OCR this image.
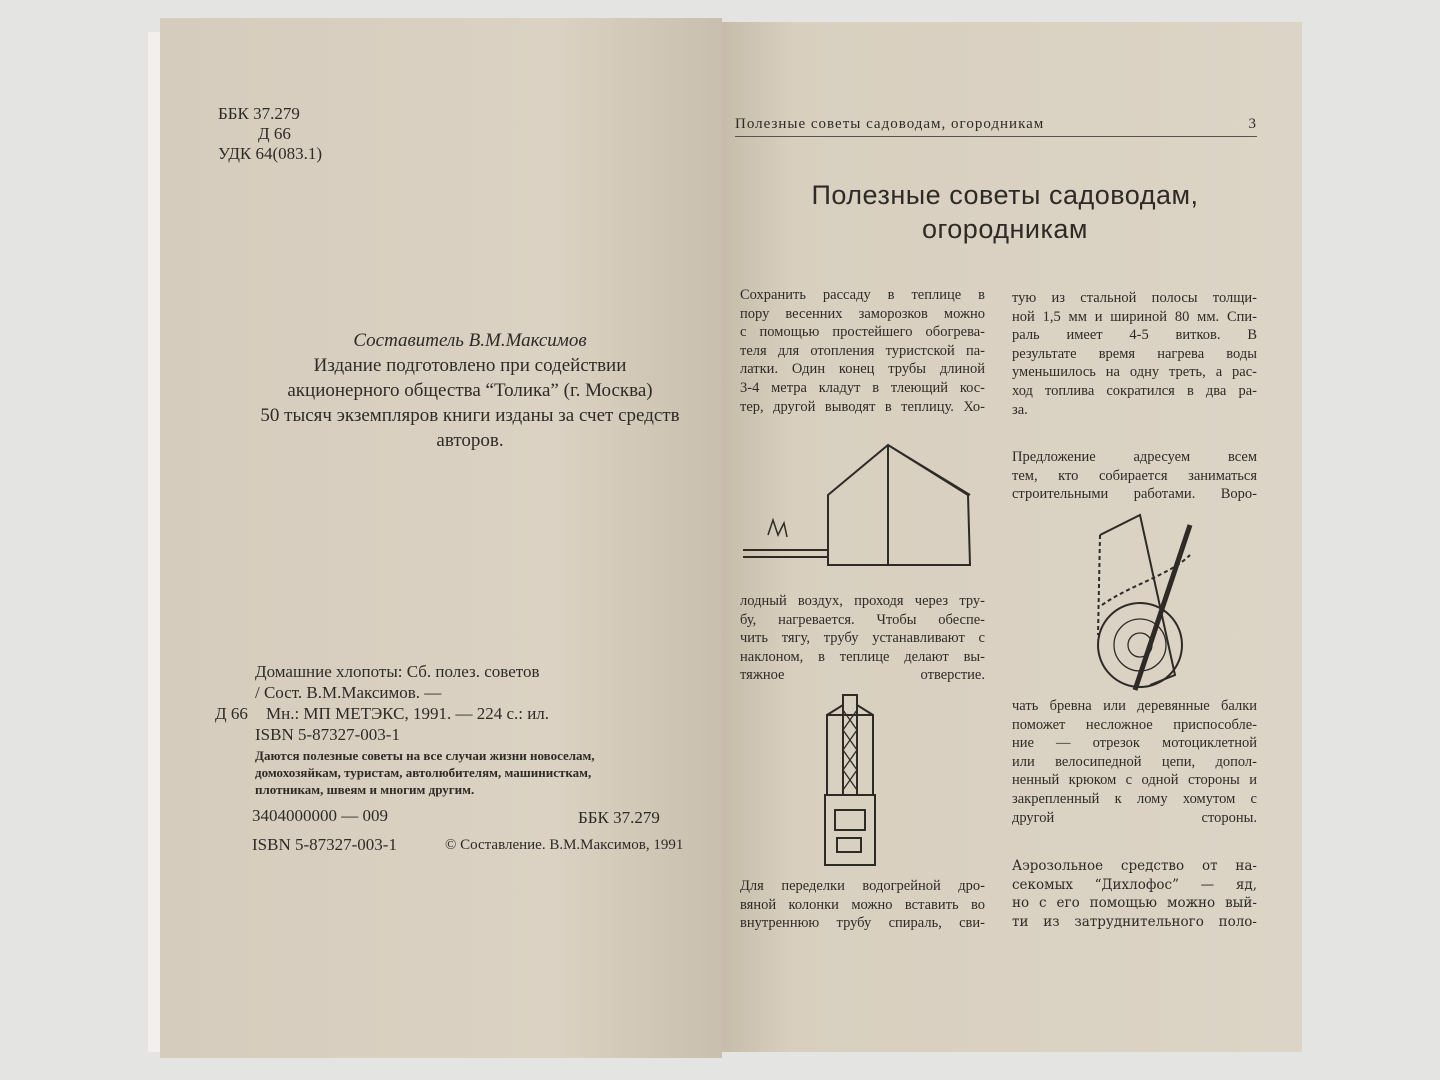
ББК 37.279
Д 66
УДК 64(083.1)
Составитель В.М.Максимов
Издание подготовлено при содействии
акционерного общества “Толика” (г. Москва)
50 тысяч экземпляров книги изданы за счет средств
авторов.
Домашние хлопоты: Сб. полез. советов
/ Сост. В.М.Максимов. —
Д 66 Мн.: МП МЕТЭКС, 1991. — 224 с.: ил.
ISBN 5-87327-003-1
Даются полезные советы на все случаи жизни новоселам,
домохозяйкам, туристам, автолюбителям, машинисткам,
плотникам, швеям и многим другим.
3404000000 — 009	ББК 37.279
ISBN 5-87327-003-1	© Составление. В.М.Максимов, 1991
Полезные советы садоводам, огородникам	3
Полезные советы садоводам,
огородникам
Сохранить рассаду в теплице в
пору весенних заморозков можно
с помощью простейшего обогрева-
теля для отопления туристской па-
латки. Один конец трубы длиной
3-4 метра кладут в тлеющий кос-
тер, другой выводят в теплицу. Хо-
лодный воздух, проходя через тру-
бу, нагревается. Чтобы обеспе-
чить тягу, трубу устанавливают с
наклоном, в теплице делают вы-
тяжное отверстие.
Для переделки водогрейной дро-
вяной колонки можно вставить во
внутреннюю трубу спираль, сви-
тую из стальной полосы толщи-
ной 1,5 мм и шириной 80 мм. Спи-
раль имеет 4-5 витков. В
результате время нагрева воды
уменьшилось на одну треть, а рас-
ход топлива сократился в два ра-
за.
Предложение адресуем всем
тем, кто собирается заниматься
строительными работами. Воро-
чать бревна или деревянные балки
поможет несложное приспособле-
ние — отрезок мотоциклетной
или велосипедной цепи, допол-
ненный крюком с одной стороны и
закрепленный к лому хомутом с
другой стороны.
Аэрозольное средство от на-
секомых “Дихлофос” — яд,
но с его помощью можно вый-
ти из затруднительного поло-
